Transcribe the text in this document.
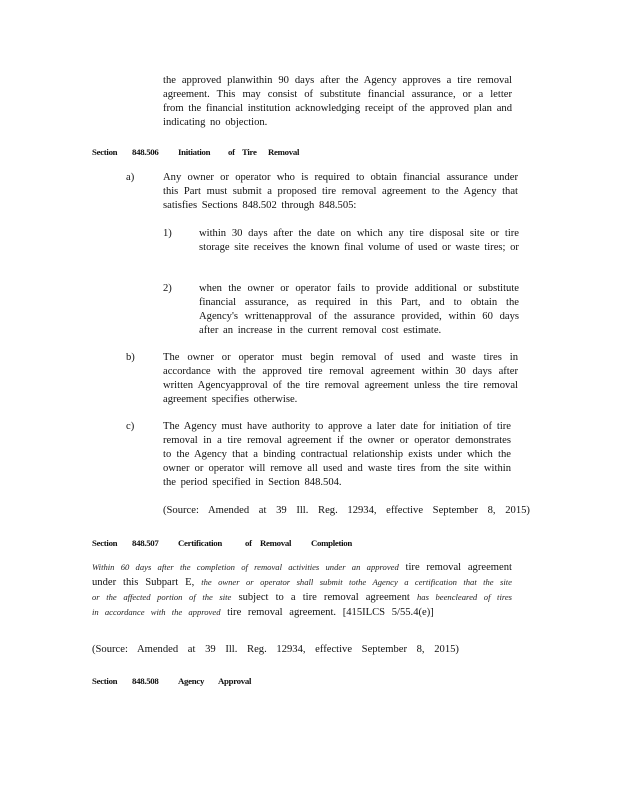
the approved planwithin 90 days after the Agency approves a tire removal agreement. This may consist of substitute financial assurance, or a letter from the financial institution acknowledging receipt of the approved plan and indicating no objection.

Section 848.506 Initiation of Tire Removal
a)	Any owner or operator who is required to obtain financial assurance under this Part must submit a proposed tire removal agreement to the Agency that satisfies Sections 848.502 through 848.505:

1)	within 30 days after the date on which any tire disposal site or tire storage site receives the known final volume of used or waste tires; or

2)	when the owner or operator fails to provide additional or substitute financial assurance, as required in this Part, and to obtain the Agency's writtenapproval of the assurance provided, within 60 days after an increase in the current removal cost estimate.

b)	The owner or operator must begin removal of used and waste tires in accordance with the approved tire removal agreement within 30 days after written Agencyapproval of the tire removal agreement unless the tire removal agreement specifies otherwise.

c)	The Agency must have authority to approve a later date for initiation of tire removal in a tire removal agreement if the owner or operator demonstrates to the Agency that a binding contractual relationship exists under which the owner or operator will remove all used and waste tires from the site within the period specified in Section 848.504.

(Source: Amended at 39 Ill. Reg. 12934, effective September 8, 2015)

Section 848.507 Certification	of Removal Completion

Within 60 days after the completion of removal activities under an approved tire removal agreement under this Subpart E, the owner or operator shall submit tothe Agency a certification that the site or the affected portion of the site subject to a tire removal agreement has beencleared of tires in accordance with the approved tire removal agreement. [415ILCS 5/55.4(e)]

(Source: Amended at 39 Ill. Reg. 12934, effective September 8, 2015)

Section 848.508 Agency Approval
